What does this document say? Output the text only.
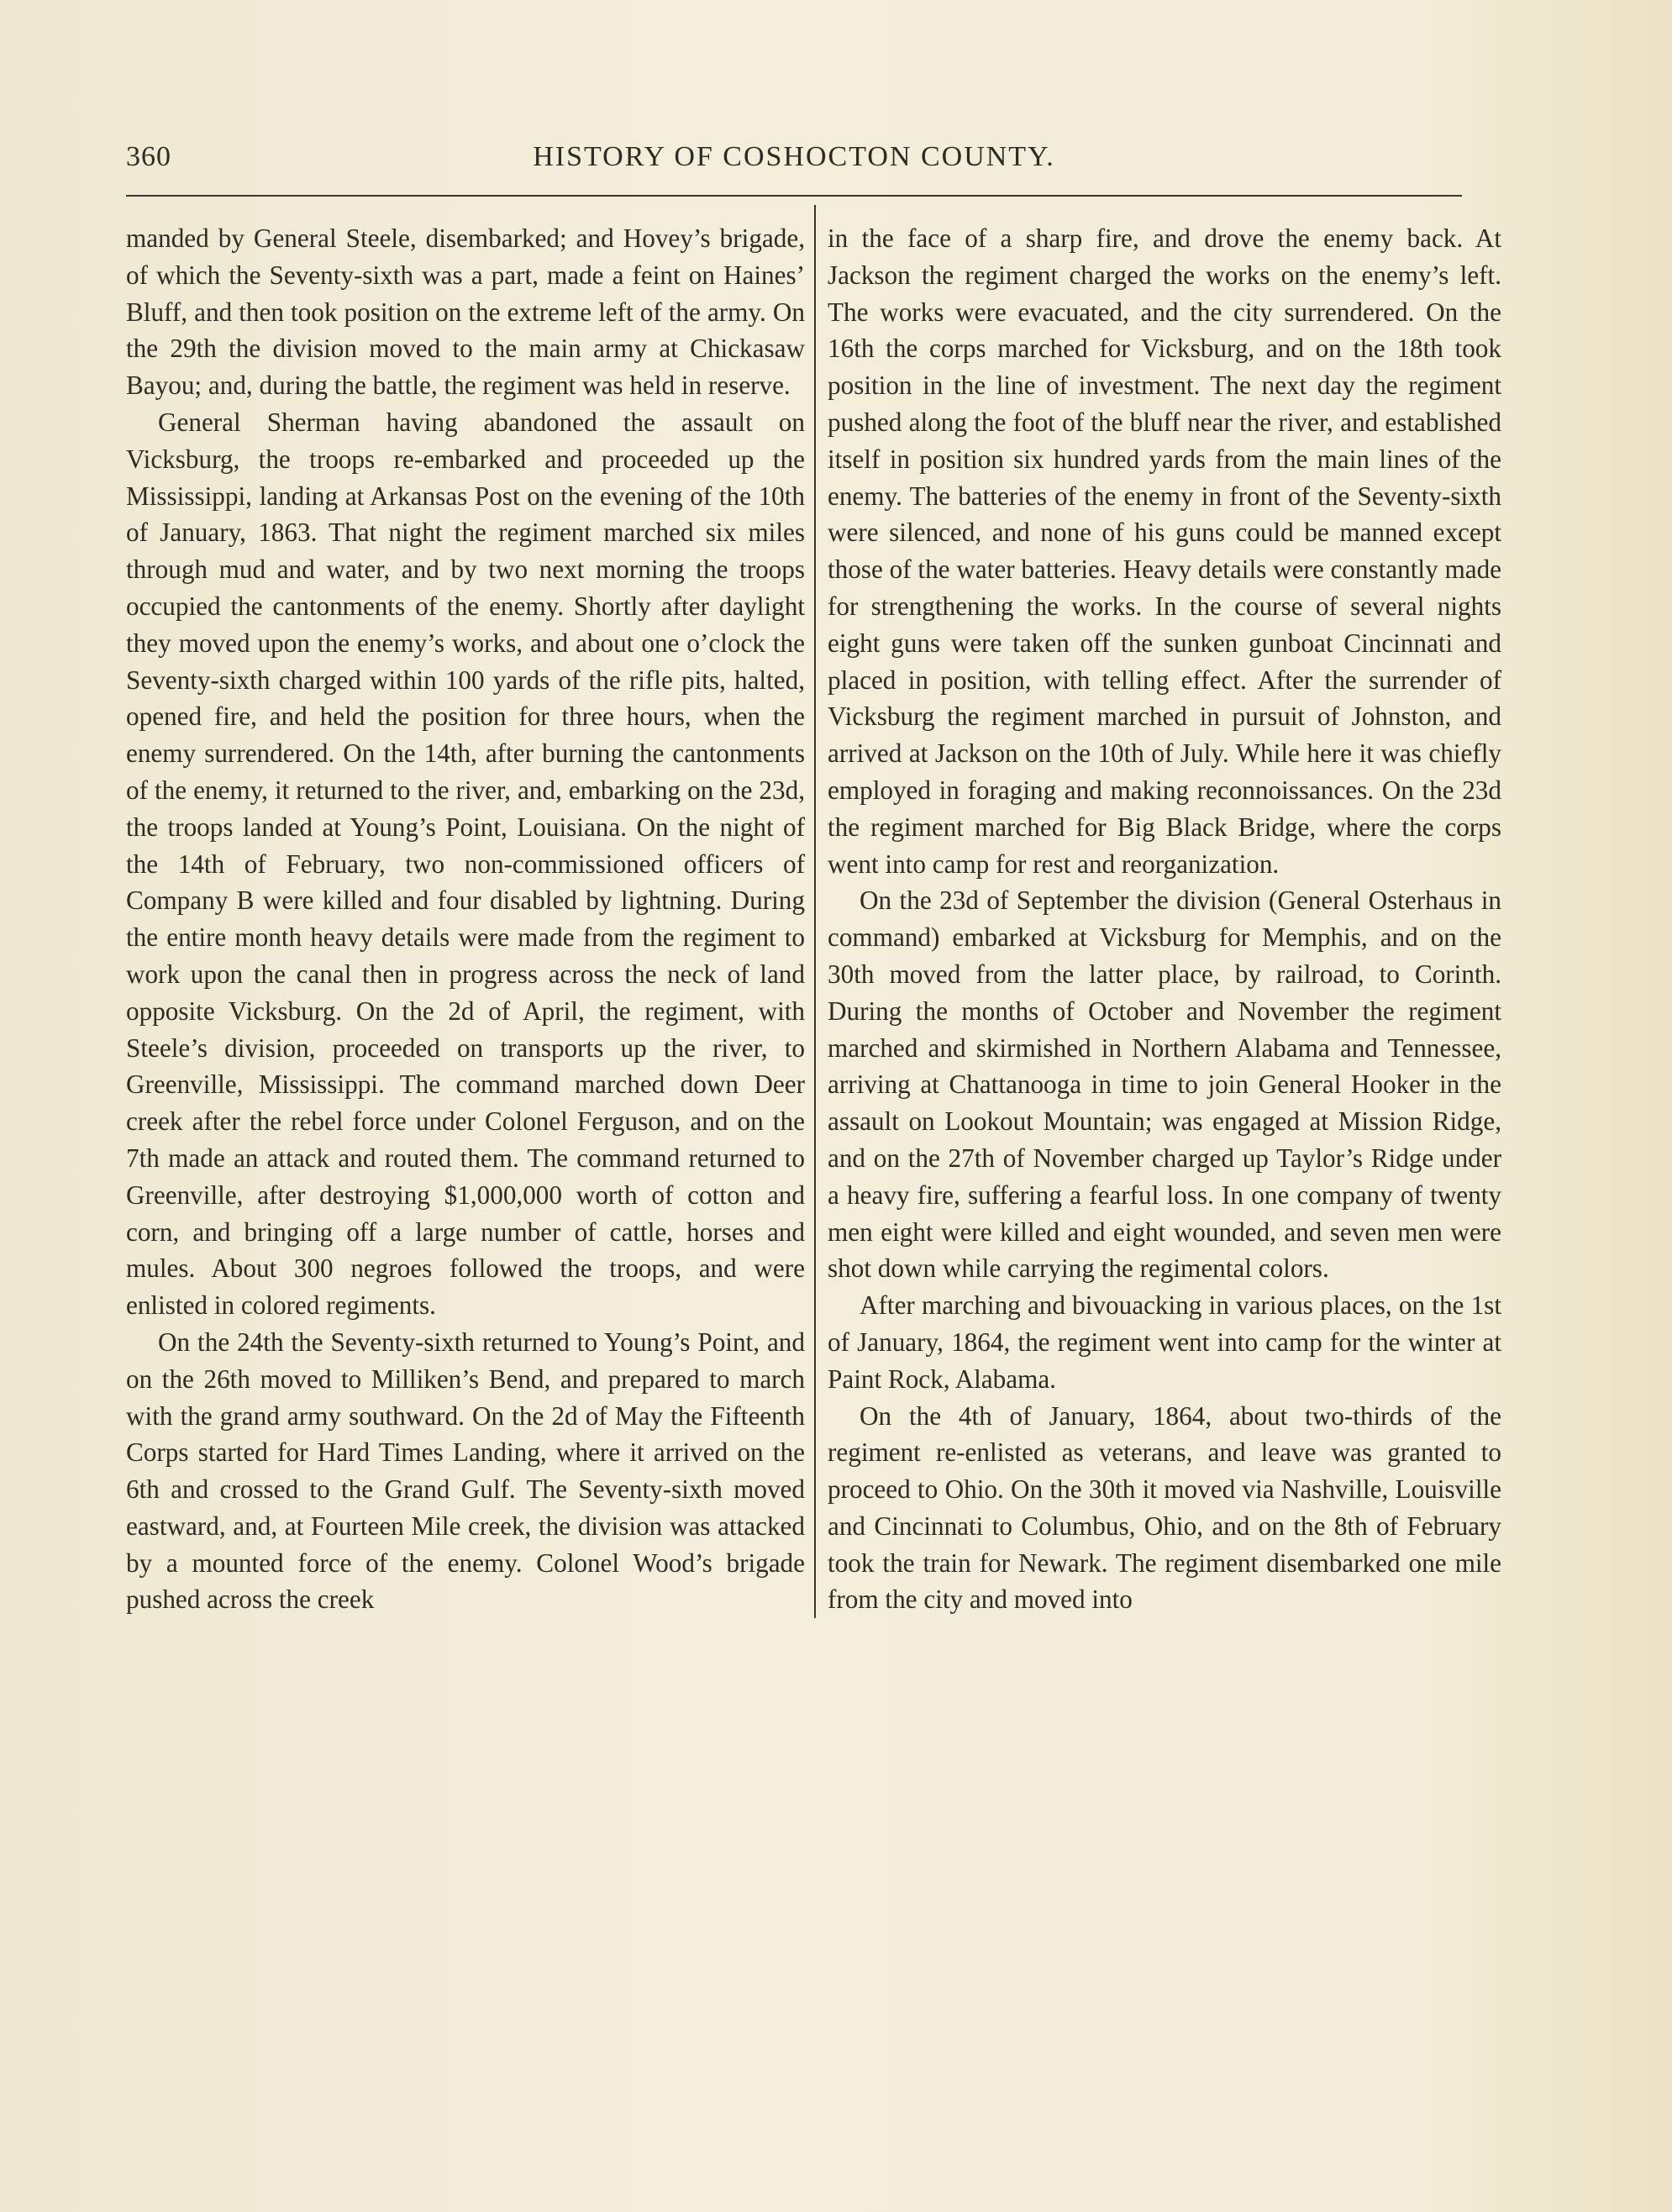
360	HISTORY OF COSHOCTON COUNTY.

manded by General Steele, disembarked; and Hovey’s brigade, of which the Seventy-sixth was a part, made a feint on Haines’ Bluff, and then took position on the extreme left of the army. On the 29th the division moved to the main army at Chickasaw Bayou; and, during the battle, the regiment was held in reserve.

General Sherman having abandoned the assault on Vicksburg, the troops re-embarked and proceeded up the Mississippi, landing at Arkansas Post on the evening of the 10th of January, 1863. That night the regiment marched six miles through mud and water, and by two next morning the troops occupied the cantonments of the enemy. Shortly after daylight they moved upon the enemy’s works, and about one o’clock the Seventy-sixth charged within 100 yards of the rifle pits, halted, opened fire, and held the position for three hours, when the enemy surrendered. On the 14th, after burning the cantonments of the enemy, it returned to the river, and, embarking on the 23d, the troops landed at Young’s Point, Louisiana. On the night of the 14th of February, two non-commissioned officers of Company B were killed and four disabled by lightning. During the entire month heavy details were made from the regiment to work upon the canal then in progress across the neck of land opposite Vicksburg. On the 2d of April, the regiment, with Steele’s division, proceeded on transports up the river, to Greenville, Mississippi. The command marched down Deer creek after the rebel force under Colonel Ferguson, and on the 7th made an attack and routed them. The command returned to Greenville, after destroying $1,000,000 worth of cotton and corn, and bringing off a large number of cattle, horses and mules. About 300 negroes followed the troops, and were enlisted in colored regiments.

On the 24th the Seventy-sixth returned to Young’s Point, and on the 26th moved to Milliken’s Bend, and prepared to march with the grand army southward. On the 2d of May the Fifteenth Corps started for Hard Times Landing, where it arrived on the 6th and crossed to the Grand Gulf. The Seventy-sixth moved eastward, and, at Fourteen Mile creek, the division was attacked by a mounted force of the enemy. Colonel Wood’s brigade pushed across the creek

in the face of a sharp fire, and drove the enemy back. At Jackson the regiment charged the works on the enemy’s left. The works were evacuated, and the city surrendered. On the 16th the corps marched for Vicksburg, and on the 18th took position in the line of investment. The next day the regiment pushed along the foot of the bluff near the river, and established itself in position six hundred yards from the main lines of the enemy. The batteries of the enemy in front of the Seventy-sixth were silenced, and none of his guns could be manned except those of the water batteries. Heavy details were constantly made for strengthening the works. In the course of several nights eight guns were taken off the sunken gunboat Cincinnati and placed in position, with telling effect. After the surrender of Vicksburg the regiment marched in pursuit of Johnston, and arrived at Jackson on the 10th of July. While here it was chiefly employed in foraging and making reconnoissances. On the 23d the regiment marched for Big Black Bridge, where the corps went into camp for rest and reorganization.

On the 23d of September the division (General Osterhaus in command) embarked at Vicksburg for Memphis, and on the 30th moved from the latter place, by railroad, to Corinth. During the months of October and November the regiment marched and skirmished in Northern Alabama and Tennessee, arriving at Chattanooga in time to join General Hooker in the assault on Lookout Mountain; was engaged at Mission Ridge, and on the 27th of November charged up Taylor’s Ridge under a heavy fire, suffering a fearful loss. In one company of twenty men eight were killed and eight wounded, and seven men were shot down while carrying the regimental colors.

After marching and bivouacking in various places, on the 1st of January, 1864, the regiment went into camp for the winter at Paint Rock, Alabama.

On the 4th of January, 1864, about two-thirds of the regiment re-enlisted as veterans, and leave was granted to proceed to Ohio. On the 30th it moved via Nashville, Louisville and Cincinnati to Columbus, Ohio, and on the 8th of February took the train for Newark. The regiment disembarked one mile from the city and moved into
